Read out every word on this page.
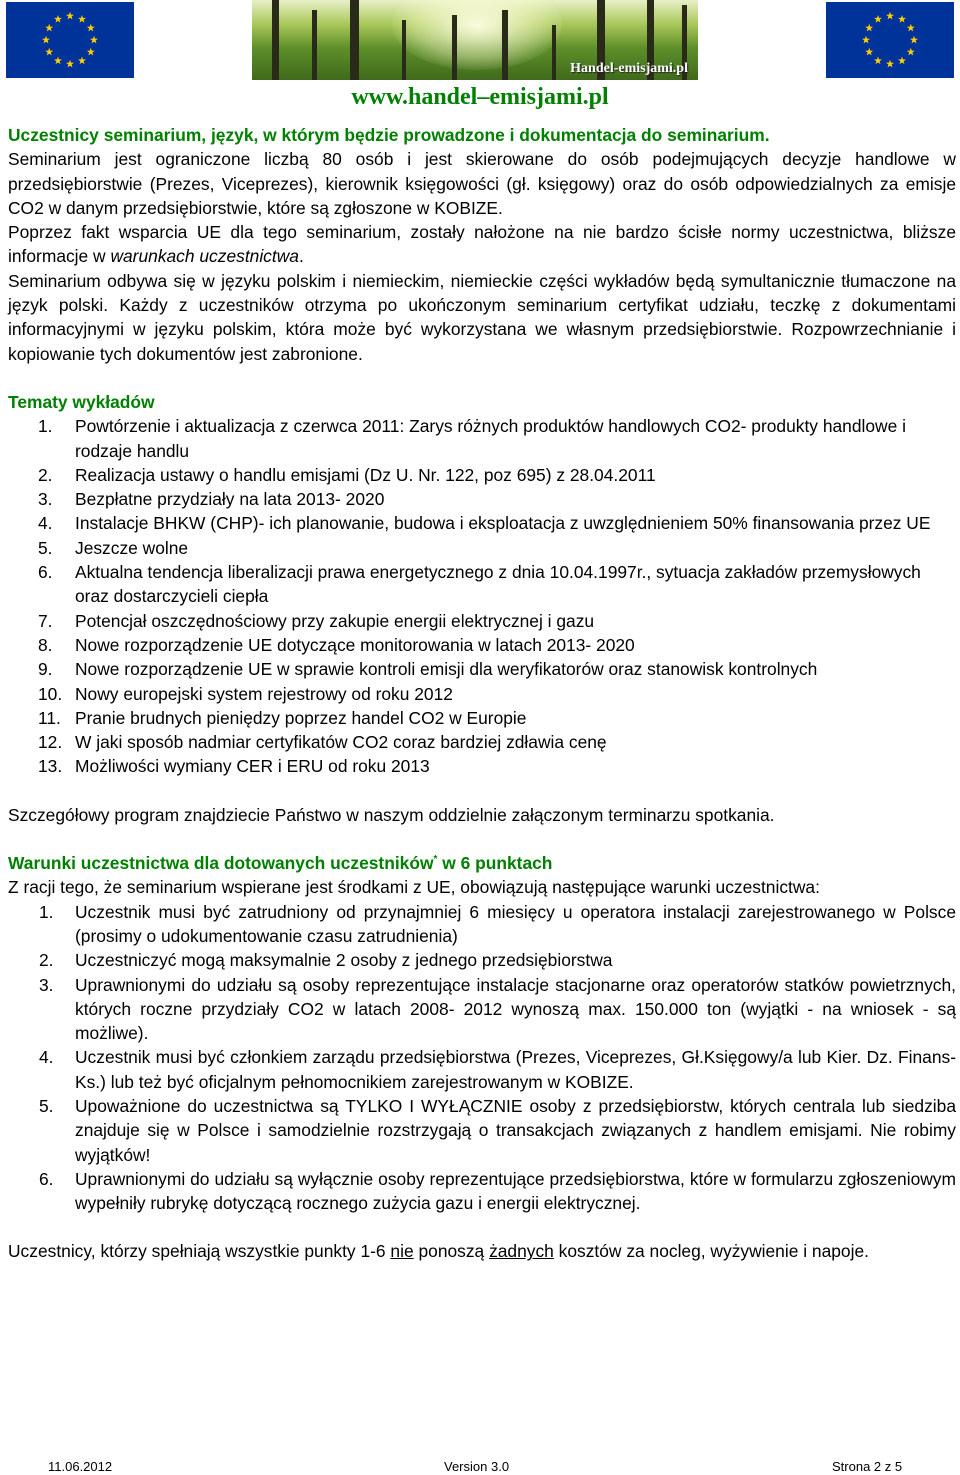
Handel-emisjami.pl
www.handel–emisjami.pl

Uczestnicy seminarium, język, w którym będzie prowadzone i dokumentacja do seminarium.

Seminarium jest ograniczone liczbą 80 osób i jest skierowane do osób podejmujących decyzje handlowe w przedsiębiorstwie (Prezes, Viceprezes), kierownik księgowości (gł. księgowy) oraz do osób odpowiedzialnych za emisje CO2 w danym przedsiębiorstwie, które są zgłoszone w KOBIZE.

Poprzez fakt wsparcia UE dla tego seminarium, zostały nałożone na nie bardzo ścisłe normy uczestnictwa, bliższe informacje w warunkach uczestnictwa.

Seminarium odbywa się w języku polskim i niemieckim, niemieckie części wykładów będą symultanicznie tłumaczone na język polski. Każdy z uczestników otrzyma po ukończonym seminarium certyfikat udziału, teczkę z dokumentami informacyjnymi w języku polskim, która może być wykorzystana we własnym przedsiębiorstwie. Rozpowrzechnianie i kopiowanie tych dokumentów jest zabronione.

Tematy wykładów

1. Powtórzenie i aktualizacja z czerwca 2011: Zarys różnych produktów handlowych CO2- produkty handlowe i rodzaje handlu
2. Realizacja ustawy o handlu emisjami (Dz U. Nr. 122, poz 695) z 28.04.2011
3. Bezpłatne przydziały na lata 2013- 2020
4. Instalacje BHKW (CHP)- ich planowanie, budowa i eksploatacja z uwzględnieniem 50% finansowania przez UE
5. Jeszcze wolne
6. Aktualna tendencja liberalizacji prawa energetycznego z dnia 10.04.1997r., sytuacja zakładów przemysłowych oraz dostarczycieli ciepła
7. Potencjał oszczędnościowy przy zakupie energii elektrycznej i gazu
8. Nowe rozporządzenie UE dotyczące monitorowania w latach 2013- 2020
9. Nowe rozporządzenie UE w sprawie kontroli emisji dla weryfikatorów oraz stanowisk kontrolnych
10. Nowy europejski system rejestrowy od roku 2012
11. Pranie brudnych pieniędzy poprzez handel CO2 w Europie
12. W jaki sposób nadmiar certyfikatów CO2 coraz bardziej zdławia cenę
13. Możliwości wymiany CER i ERU od roku 2013

Szczegółowy program znajdziecie Państwo w naszym oddzielnie załączonym terminarzu spotkania.

Warunki uczestnictwa dla dotowanych uczestników* w 6 punktach

Z racji tego, że seminarium wspierane jest środkami z UE, obowiązują następujące warunki uczestnictwa:

1. Uczestnik musi być zatrudniony od przynajmniej 6 miesięcy u operatora instalacji zarejestrowanego w Polsce (prosimy o udokumentowanie czasu zatrudnienia)
2. Uczestniczyć mogą maksymalnie 2 osoby z jednego przedsiębiorstwa
3. Uprawnionymi do udziału są osoby reprezentujące instalacje stacjonarne oraz operatorów statków powietrznych, których roczne przydziały CO2 w latach 2008- 2012 wynoszą max. 150.000 ton (wyjątki - na wniosek - są możliwe).
4. Uczestnik musi być członkiem zarządu przedsiębiorstwa (Prezes, Viceprezes, Gł.Księgowy/a lub Kier. Dz. Finans-Ks.) lub też być oficjalnym pełnomocnikiem zarejestrowanym w KOBIZE.
5. Upoważnione do uczestnictwa są TYLKO I WYŁĄCZNIE osoby z przedsiębiorstw, których centrala lub siedziba znajduje się w Polsce i samodzielnie rozstrzygają o transakcjach związanych z handlem emisjami. Nie robimy wyjątków!
6. Uprawnionymi do udziału są wyłącznie osoby reprezentujące przedsiębiorstwa, które w formularzu zgłoszeniowym wypełniły rubrykę dotyczącą rocznego zużycia gazu i energii elektrycznej.

Uczestnicy, którzy spełniają wszystkie punkty 1-6 nie ponoszą żadnych kosztów za nocleg, wyżywienie i napoje.

11.06.2012	Version 3.0	Strona 2 z 5
